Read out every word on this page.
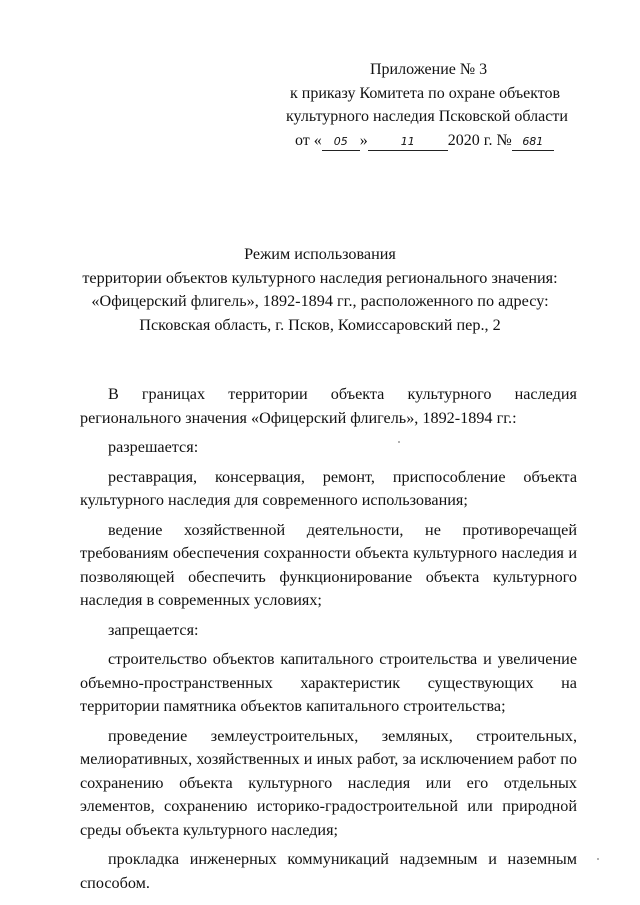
Приложение № 3
к приказу Комитета по охране объектов
культурного наследия Псковской области
от « 05 »	11 2020 г. № 681
Режим использования
территории объектов культурного наследия регионального значения:
«Офицерский флигель», 1892-1894 гг., расположенного по адресу:
Псковская область, г. Псков, Комиссаровский пер., 2

В границах территории объекта культурного наследия регионального значения «Офицерский флигель», 1892-1894 гг.:

разрешается:

реставрация, консервация, ремонт, приспособление объекта культурного наследия для современного использования;

ведение хозяйственной деятельности, не противоречащей требованиям обеспечения сохранности объекта культурного наследия и позволяющей обеспечить функционирование объекта культурного наследия в современных условиях;

запрещается:

строительство объектов капитального строительства и увеличение объемно-пространственных характеристик существующих на территории памятника объектов капитального строительства;

проведение землеустроительных, земляных, строительных, мелиоративных, хозяйственных и иных работ, за исключением работ по сохранению объекта культурного наследия или его отдельных элементов, сохранению историко-градостроительной или природной среды объекта культурного наследия;

прокладка инженерных коммуникаций надземным и наземным способом.
